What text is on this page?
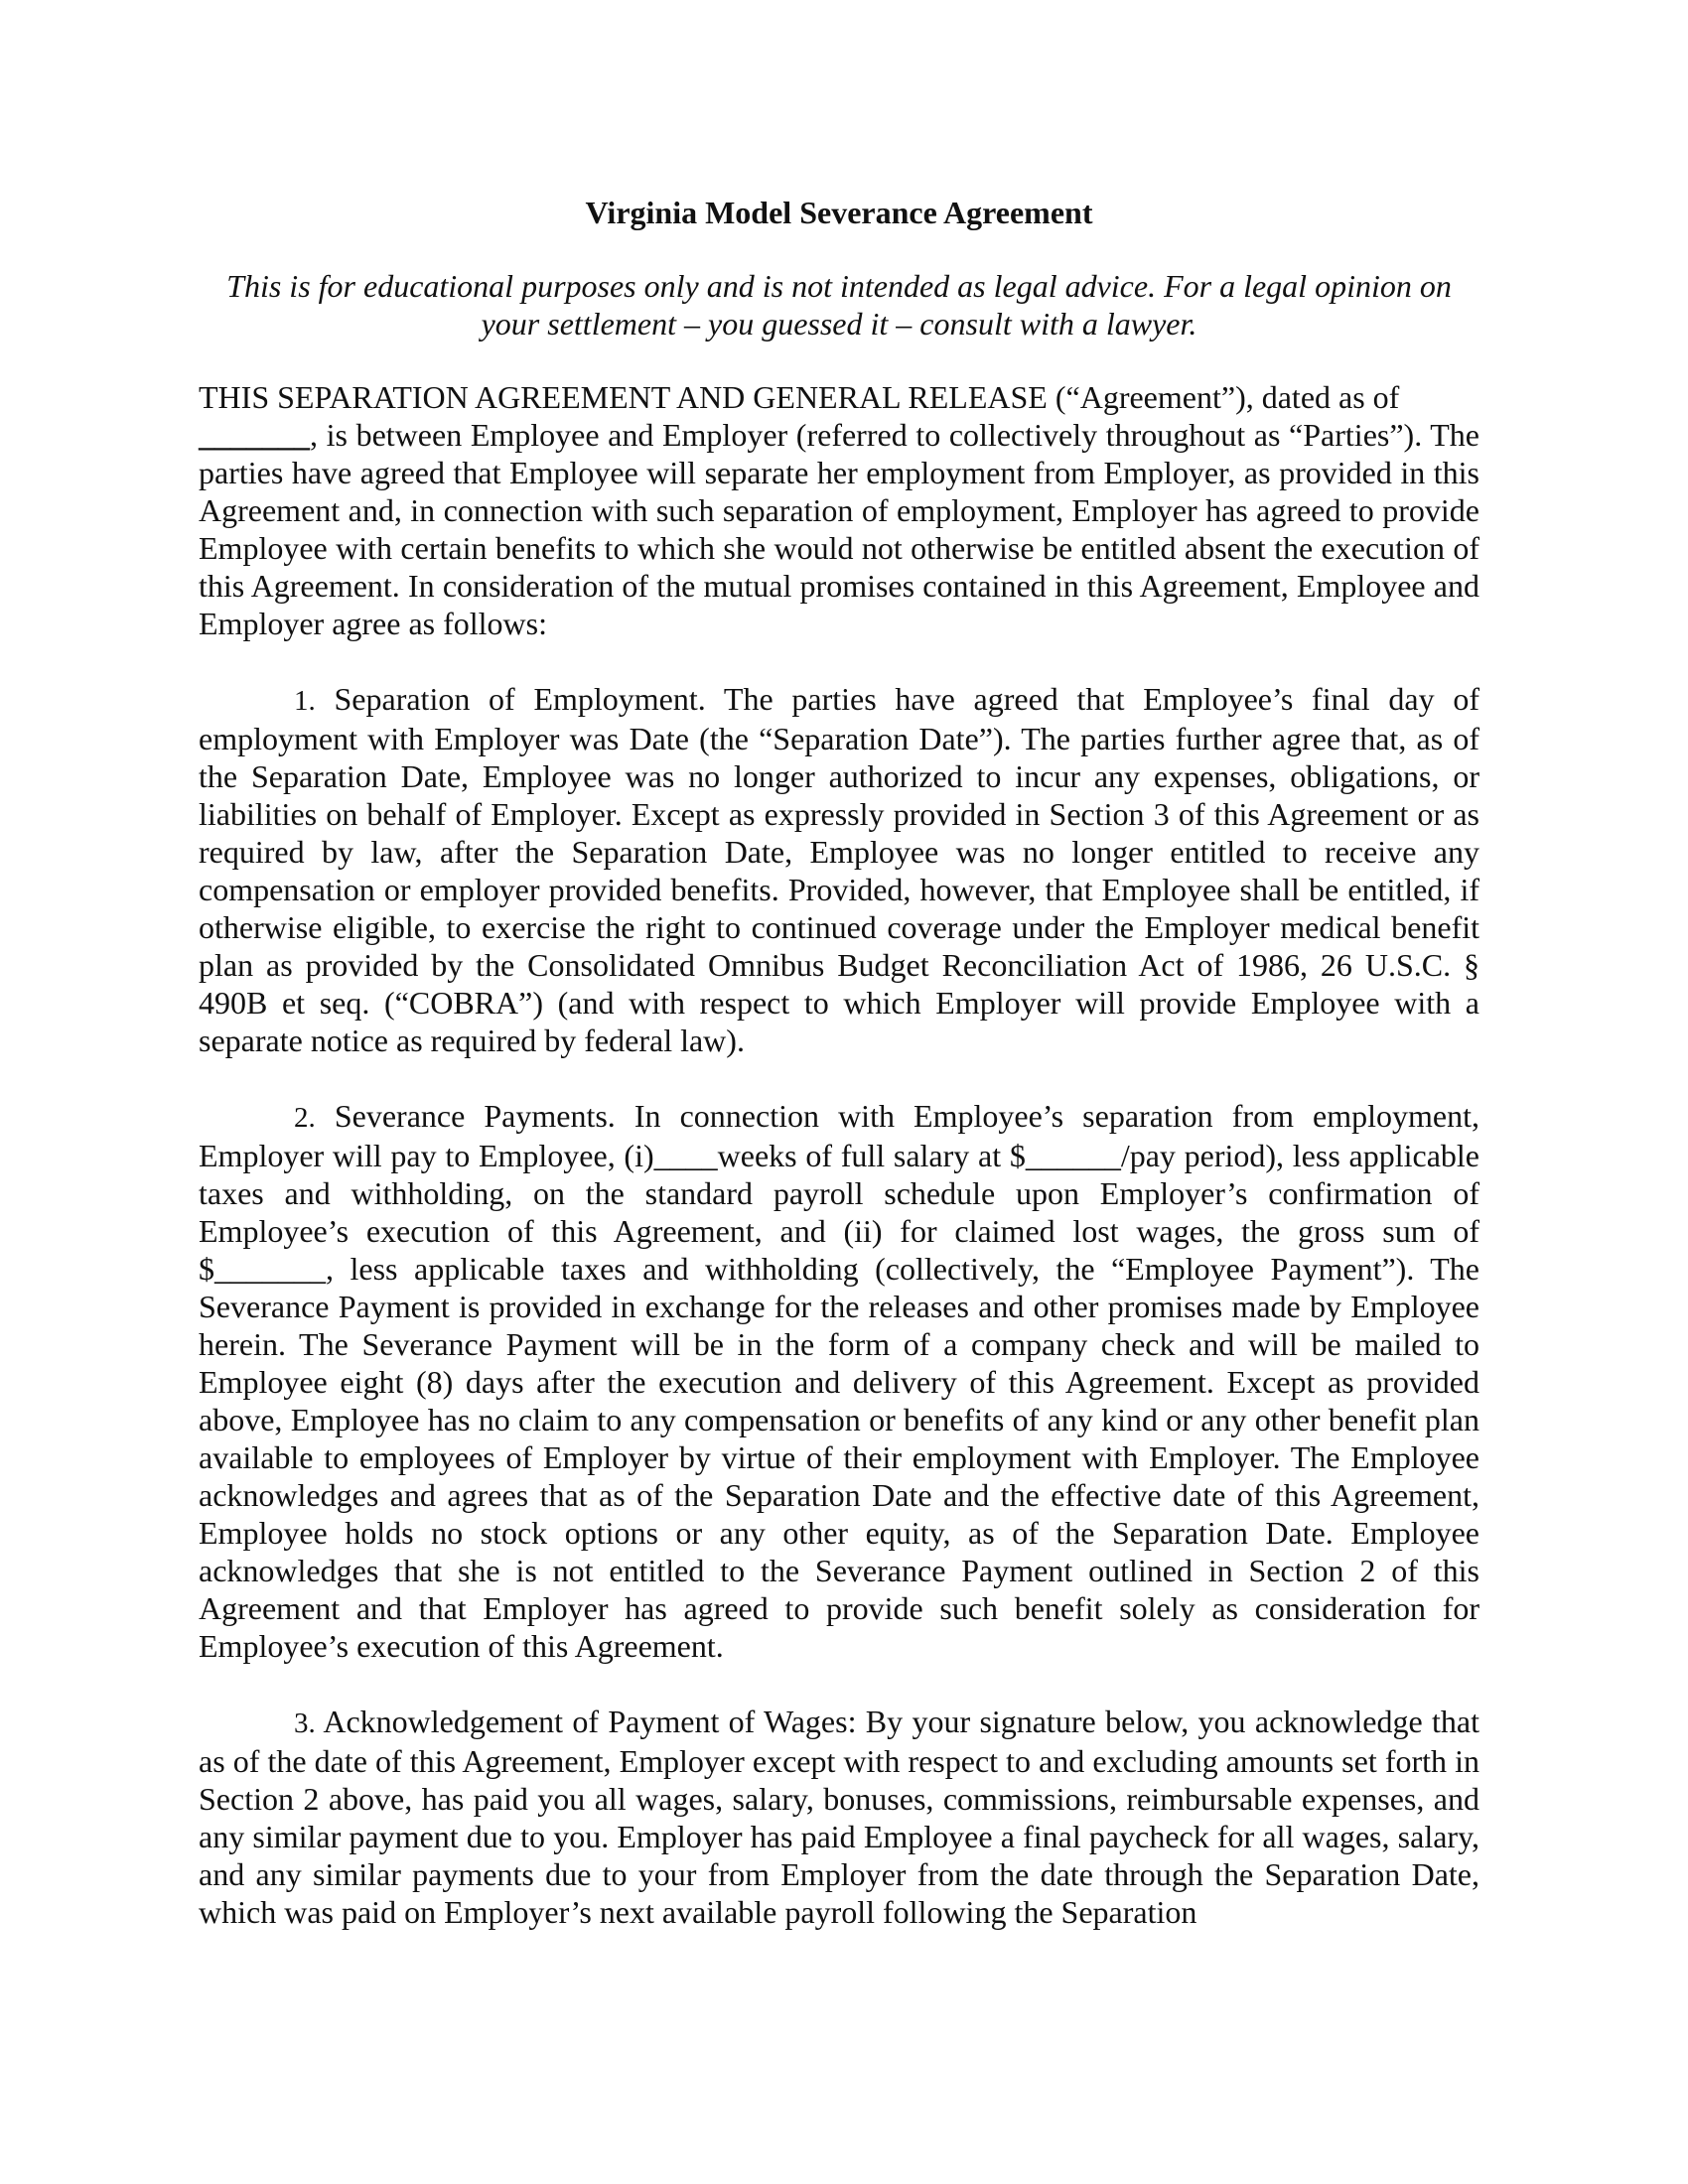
Virginia Model Severance Agreement
This is for educational purposes only and is not intended as legal advice. For a legal opinion on your settlement – you guessed it – consult with a lawyer.
THIS SEPARATION AGREEMENT AND GENERAL RELEASE (“Agreement”), dated as of
_______, is between Employee and Employer (referred to collectively throughout as “Parties”). The parties have agreed that Employee will separate her employment from Employer, as provided in this Agreement and, in connection with such separation of employment, Employer has agreed to provide Employee with certain benefits to which she would not otherwise be entitled absent the execution of this Agreement. In consideration of the mutual promises contained in this Agreement, Employee and Employer agree as follows:
1. Separation of Employment. The parties have agreed that Employee’s final day of employment with Employer was Date (the “Separation Date”). The parties further agree that, as of the Separation Date, Employee was no longer authorized to incur any expenses, obligations, or liabilities on behalf of Employer. Except as expressly provided in Section 3 of this Agreement or as required by law, after the Separation Date, Employee was no longer entitled to receive any compensation or employer provided benefits. Provided, however, that Employee shall be entitled, if otherwise eligible, to exercise the right to continued coverage under the Employer medical benefit plan as provided by the Consolidated Omnibus Budget Reconciliation Act of 1986, 26 U.S.C. § 490B et seq. (“COBRA”) (and with respect to which Employer will provide Employee with a separate notice as required by federal law).
2. Severance Payments. In connection with Employee’s separation from employment, Employer will pay to Employee, (i)____weeks of full salary at $______/pay period), less applicable taxes and withholding, on the standard payroll schedule upon Employer’s confirmation of Employee’s execution of this Agreement, and (ii) for claimed lost wages, the gross sum of $_______, less applicable taxes and withholding (collectively, the “Employee Payment”). The Severance Payment is provided in exchange for the releases and other promises made by Employee herein. The Severance Payment will be in the form of a company check and will be mailed to Employee eight (8) days after the execution and delivery of this Agreement. Except as provided above, Employee has no claim to any compensation or benefits of any kind or any other benefit plan available to employees of Employer by virtue of their employment with Employer. The Employee acknowledges and agrees that as of the Separation Date and the effective date of this Agreement, Employee holds no stock options or any other equity, as of the Separation Date. Employee acknowledges that she is not entitled to the Severance Payment outlined in Section 2 of this Agreement and that Employer has agreed to provide such benefit solely as consideration for Employee’s execution of this Agreement.
3. Acknowledgement of Payment of Wages: By your signature below, you acknowledge that as of the date of this Agreement, Employer except with respect to and excluding amounts set forth in Section 2 above, has paid you all wages, salary, bonuses, commissions, reimbursable expenses, and any similar payment due to you. Employer has paid Employee a final paycheck for all wages, salary, and any similar payments due to your from Employer from the date through the Separation Date, which was paid on Employer’s next available payroll following the Separation
